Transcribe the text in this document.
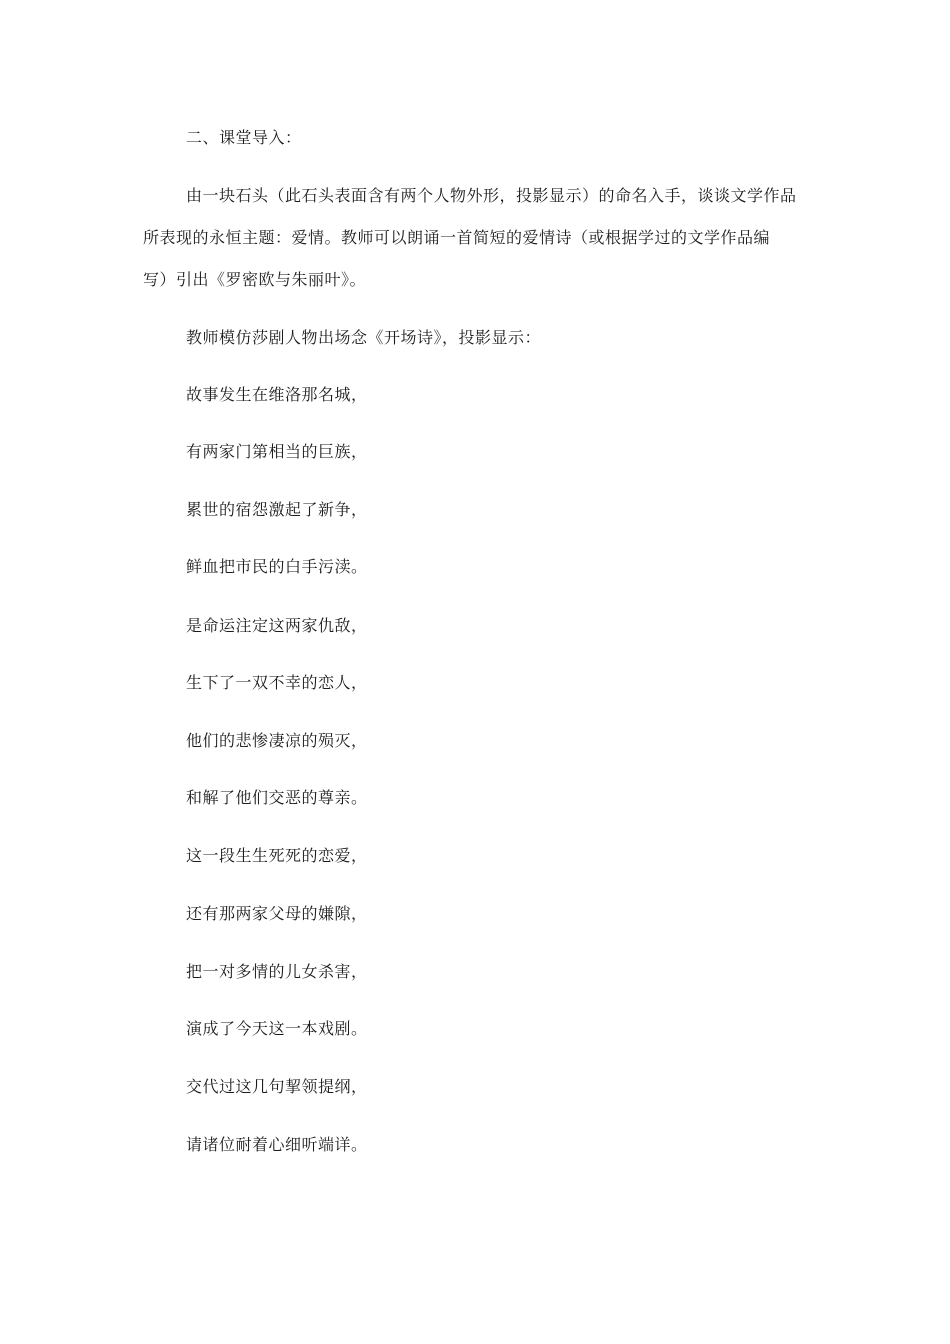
二、课堂导入：
由一块石头（此石头表面含有两个人物外形，投影显示）的命名入手，谈谈文学作品
所表现的永恒主题：爱情。教师可以朗诵一首简短的爱情诗（或根据学过的文学作品编
写）引出《罗密欧与朱丽叶》。
教师模仿莎剧人物出场念《开场诗》，投影显示：
故事发生在维洛那名城，
有两家门第相当的巨族，
累世的宿怨激起了新争，
鲜血把市民的白手污渎。
是命运注定这两家仇敌，
生下了一双不幸的恋人，
他们的悲惨凄凉的殒灭，
和解了他们交恶的尊亲。
这一段生生死死的恋爱，
还有那两家父母的嫌隙，
把一对多情的儿女杀害，
演成了今天这一本戏剧。
交代过这几句挈领提纲，
请诸位耐着心细听端详。
